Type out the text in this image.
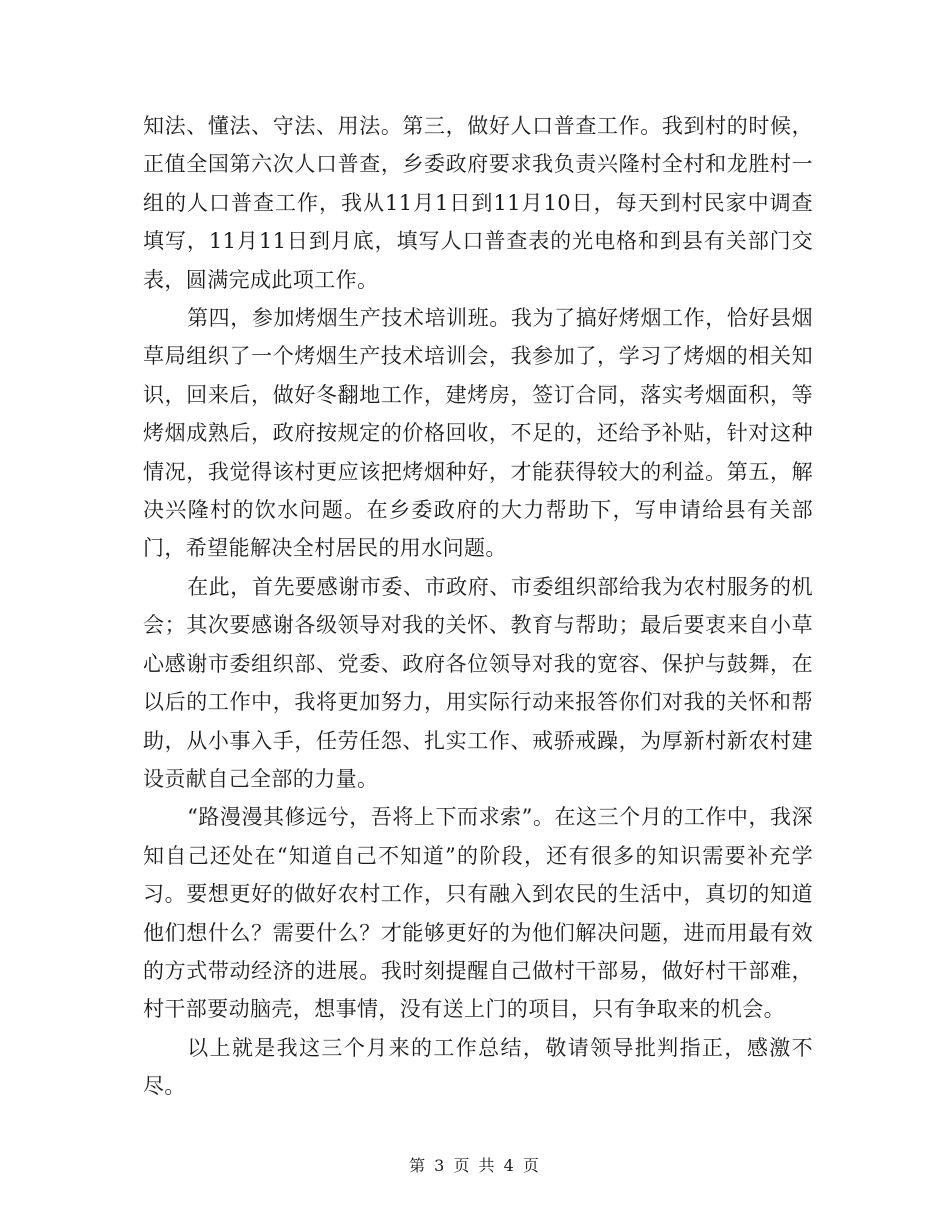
知法、懂法、守法、用法。第三，做好人口普查工作。我到村的时候，正值全国第六次人口普查，乡委政府要求我负责兴隆村全村和龙胜村一组的人口普查工作，我从11月1日到11月10日，每天到村民家中调查填写，11月11日到月底，填写人口普查表的光电格和到县有关部门交表，圆满完成此项工作。

第四，参加烤烟生产技术培训班。我为了搞好烤烟工作，恰好县烟草局组织了一个烤烟生产技术培训会，我参加了，学习了烤烟的相关知识，回来后，做好冬翻地工作，建烤房，签订合同，落实考烟面积，等烤烟成熟后，政府按规定的价格回收，不足的，还给予补贴，针对这种情况，我觉得该村更应该把烤烟种好，才能获得较大的利益。第五，解决兴隆村的饮水问题。在乡委政府的大力帮助下，写申请给县有关部门，希望能解决全村居民的用水问题。

在此，首先要感谢市委、市政府、市委组织部给我为农村服务的机会；其次要感谢各级领导对我的关怀、教育与帮助；最后要衷来自小草心感谢市委组织部、党委、政府各位领导对我的宽容、保护与鼓舞，在以后的工作中，我将更加努力，用实际行动来报答你们对我的关怀和帮助，从小事入手，任劳任怨、扎实工作、戒骄戒躁，为厚新村新农村建设贡献自己全部的力量。

“路漫漫其修远兮，吾将上下而求索”。在这三个月的工作中，我深知自己还处在“知道自己不知道”的阶段，还有很多的知识需要补充学习。要想更好的做好农村工作，只有融入到农民的生活中，真切的知道他们想什么？需要什么？才能够更好的为他们解决问题，进而用最有效的方式带动经济的进展。我时刻提醒自己做村干部易，做好村干部难，村干部要动脑壳，想事情，没有送上门的项目，只有争取来的机会。

以上就是我这三个月来的工作总结，敬请领导批判指正，感激不尽。

第 3 页 共 4 页
